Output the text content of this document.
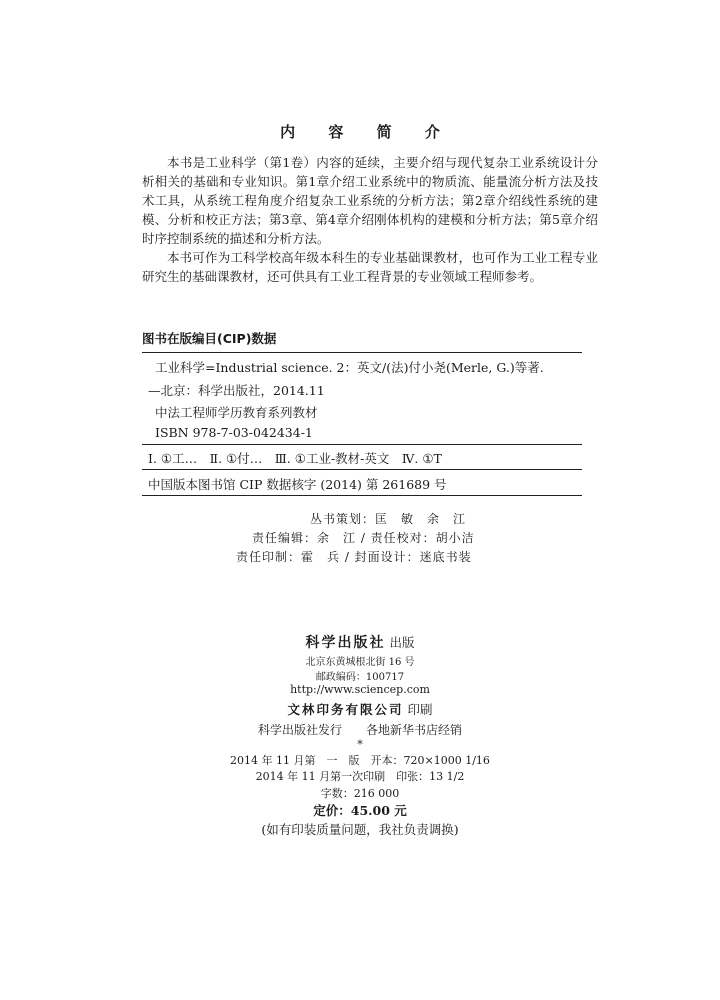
内 容 简 介

本书是工业科学（第1卷）内容的延续，主要介绍与现代复杂工业系统设计分析相关的基础和专业知识。第1章介绍工业系统中的物质流、能量流分析方法及技术工具，从系统工程角度介绍复杂工业系统的分析方法；第2章介绍线性系统的建模、分析和校正方法；第3章、第4章介绍刚体机构的建模和分析方法；第5章介绍时序控制系统的描述和分析方法。

本书可作为工科学校高年级本科生的专业基础课教材，也可作为工业工程专业研究生的基础课教材，还可供具有工业工程背景的专业领域工程师参考。

图书在版编目(CIP)数据
工业科学=Industrial science. 2：英文/(法)付小尧(Merle, G.)等著.
—北京：科学出版社，2014.11
中法工程师学历教育系列教材
ISBN 978-7-03-042434-1
Ⅰ. ①工…　Ⅱ. ①付…　Ⅲ. ①工业-教材-英文　Ⅳ. ①T
中国版本图书馆 CIP 数据核字 (2014) 第 261689 号
丛书策划：匡　敏　余　江
责任编辑：余　江 / 责任校对：胡小洁
责任印制：霍　兵 / 封面设计：迷底书装
科学出版社 出版
北京东黄城根北街 16 号
邮政编码：100717
http://www.sciencep.com
文林印务有限公司 印刷
科学出版社发行　　各地新华书店经销
*
2014 年 11 月第　一　版　开本：720×1000 1/16
2014 年 11 月第一次印刷　印张：13 1/2
字数：216 000
定价：45.00 元
(如有印装质量问题，我社负责调换)
